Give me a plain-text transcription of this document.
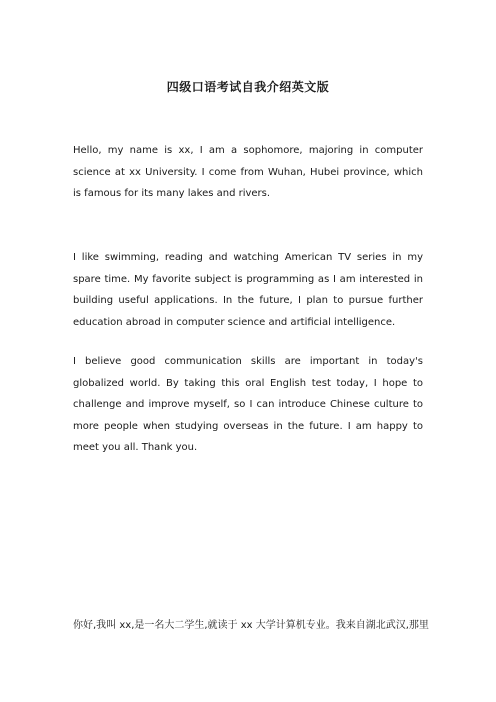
四级口语考试自我介绍英文版

Hello, my name is xx, I am a sophomore, majoring in computer science at xx University. I come from Wuhan, Hubei province, which is famous for its many lakes and rivers.

I like swimming, reading and watching American TV series in my spare time. My favorite subject is programming as I am interested in building useful applications. In the future, I plan to pursue further education abroad in computer science and artificial intelligence.

I believe good communication skills are important in today's globalized world. By taking this oral English test today, I hope to challenge and improve myself, so I can introduce Chinese culture to more people when studying overseas in the future. I am happy to meet you all. Thank you.

你好,我叫 xx,是一名大二学生,就读于 xx 大学计算机专业。我来自湖北武汉,那里
